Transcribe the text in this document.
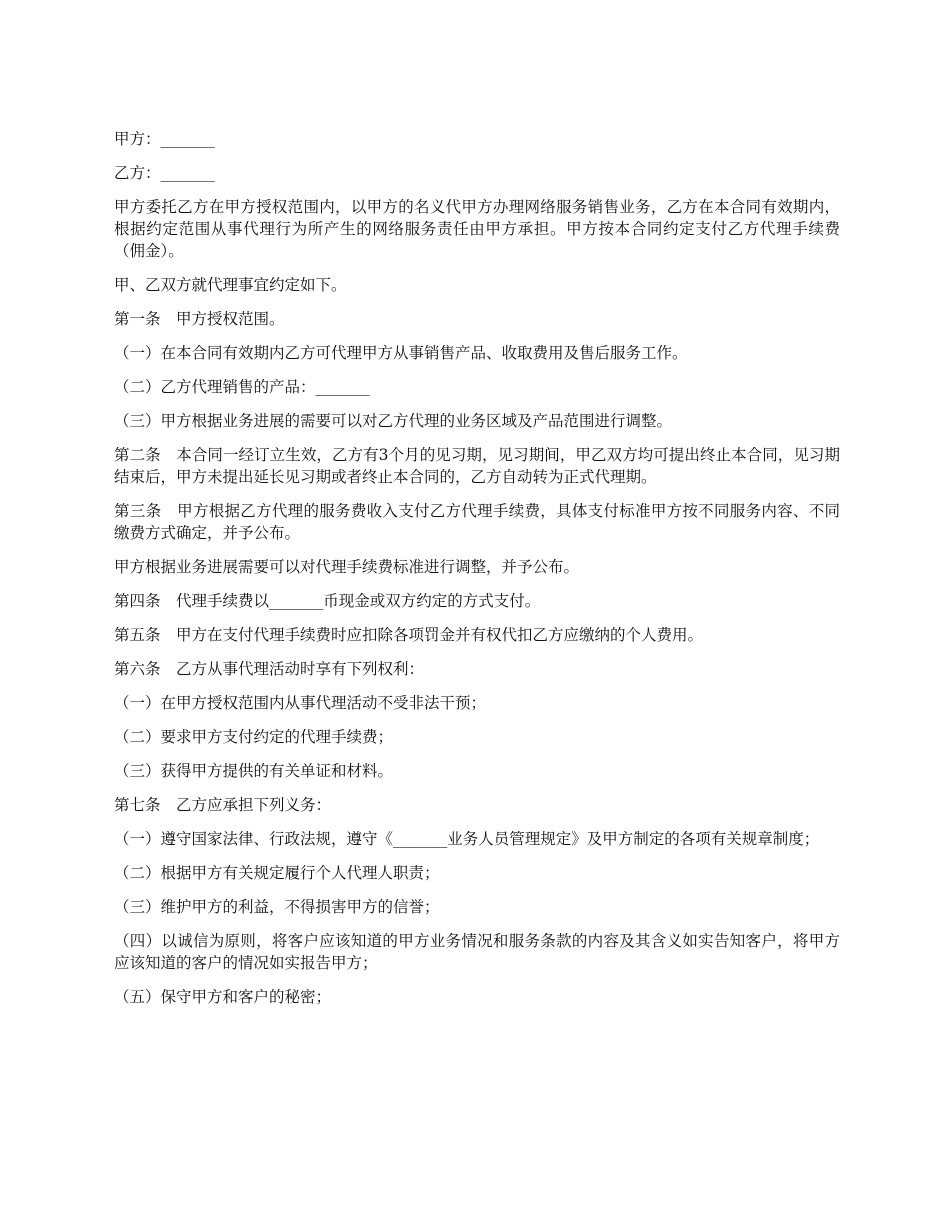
甲方：_______

乙方：_______

甲方委托乙方在甲方授权范围内，以甲方的名义代甲方办理网络服务销售业务，乙方在本合同有效期内，根据约定范围从事代理行为所产生的网络服务责任由甲方承担。甲方按本合同约定支付乙方代理手续费（佣金）。

甲、乙双方就代理事宜约定如下。

第一条　甲方授权范围。

（一）在本合同有效期内乙方可代理甲方从事销售产品、收取费用及售后服务工作。

（二）乙方代理销售的产品：_______

（三）甲方根据业务进展的需要可以对乙方代理的业务区域及产品范围进行调整。

第二条　本合同一经订立生效，乙方有3个月的见习期，见习期间，甲乙双方均可提出终止本合同，见习期结束后，甲方未提出延长见习期或者终止本合同的，乙方自动转为正式代理期。

第三条　甲方根据乙方代理的服务费收入支付乙方代理手续费，具体支付标准甲方按不同服务内容、不同缴费方式确定，并予公布。

甲方根据业务进展需要可以对代理手续费标准进行调整，并予公布。

第四条　代理手续费以_______币现金或双方约定的方式支付。

第五条　甲方在支付代理手续费时应扣除各项罚金并有权代扣乙方应缴纳的个人费用。

第六条　乙方从事代理活动时享有下列权利：

（一）在甲方授权范围内从事代理活动不受非法干预；

（二）要求甲方支付约定的代理手续费；

（三）获得甲方提供的有关单证和材料。

第七条　乙方应承担下列义务：

（一）遵守国家法律、行政法规，遵守《_______业务人员管理规定》及甲方制定的各项有关规章制度；

（二）根据甲方有关规定履行个人代理人职责；

（三）维护甲方的利益，不得损害甲方的信誉；

（四）以诚信为原则，将客户应该知道的甲方业务情况和服务条款的内容及其含义如实告知客户，将甲方应该知道的客户的情况如实报告甲方；

（五）保守甲方和客户的秘密；
